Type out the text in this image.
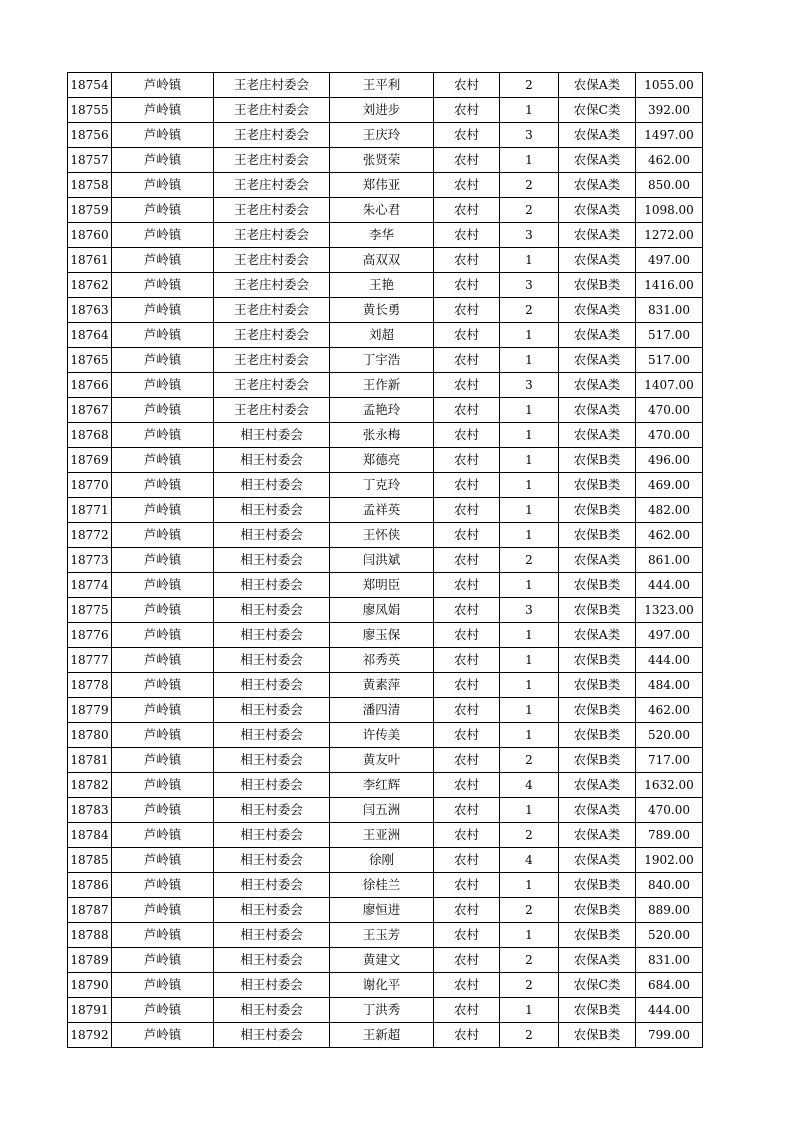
18754	芦岭镇	王老庄村委会	王平利	农村	2	农保A类	1055.00
18755	芦岭镇	王老庄村委会	刘进步	农村	1	农保C类	392.00
18756	芦岭镇	王老庄村委会	王庆玲	农村	3	农保A类	1497.00
18757	芦岭镇	王老庄村委会	张贤荣	农村	1	农保A类	462.00
18758	芦岭镇	王老庄村委会	郑伟亚	农村	2	农保A类	850.00
18759	芦岭镇	王老庄村委会	朱心君	农村	2	农保A类	1098.00
18760	芦岭镇	王老庄村委会	李华	农村	3	农保A类	1272.00
18761	芦岭镇	王老庄村委会	高双双	农村	1	农保A类	497.00
18762	芦岭镇	王老庄村委会	王艳	农村	3	农保B类	1416.00
18763	芦岭镇	王老庄村委会	黄长勇	农村	2	农保A类	831.00
18764	芦岭镇	王老庄村委会	刘超	农村	1	农保A类	517.00
18765	芦岭镇	王老庄村委会	丁宇浩	农村	1	农保A类	517.00
18766	芦岭镇	王老庄村委会	王作新	农村	3	农保A类	1407.00
18767	芦岭镇	王老庄村委会	孟艳玲	农村	1	农保A类	470.00
18768	芦岭镇	相王村委会	张永梅	农村	1	农保A类	470.00
18769	芦岭镇	相王村委会	郑德亮	农村	1	农保B类	496.00
18770	芦岭镇	相王村委会	丁克玲	农村	1	农保B类	469.00
18771	芦岭镇	相王村委会	孟祥英	农村	1	农保B类	482.00
18772	芦岭镇	相王村委会	王怀侠	农村	1	农保B类	462.00
18773	芦岭镇	相王村委会	闫洪斌	农村	2	农保A类	861.00
18774	芦岭镇	相王村委会	郑明臣	农村	1	农保B类	444.00
18775	芦岭镇	相王村委会	廖凤娟	农村	3	农保B类	1323.00
18776	芦岭镇	相王村委会	廖玉保	农村	1	农保A类	497.00
18777	芦岭镇	相王村委会	祁秀英	农村	1	农保B类	444.00
18778	芦岭镇	相王村委会	黄素萍	农村	1	农保B类	484.00
18779	芦岭镇	相王村委会	潘四清	农村	1	农保B类	462.00
18780	芦岭镇	相王村委会	许传美	农村	1	农保B类	520.00
18781	芦岭镇	相王村委会	黄友叶	农村	2	农保B类	717.00
18782	芦岭镇	相王村委会	李红辉	农村	4	农保A类	1632.00
18783	芦岭镇	相王村委会	闫五洲	农村	1	农保A类	470.00
18784	芦岭镇	相王村委会	王亚洲	农村	2	农保A类	789.00
18785	芦岭镇	相王村委会	徐刚	农村	4	农保A类	1902.00
18786	芦岭镇	相王村委会	徐桂兰	农村	1	农保B类	840.00
18787	芦岭镇	相王村委会	廖恒进	农村	2	农保B类	889.00
18788	芦岭镇	相王村委会	王玉芳	农村	1	农保B类	520.00
18789	芦岭镇	相王村委会	黄建文	农村	2	农保A类	831.00
18790	芦岭镇	相王村委会	谢化平	农村	2	农保C类	684.00
18791	芦岭镇	相王村委会	丁洪秀	农村	1	农保B类	444.00
18792	芦岭镇	相王村委会	王新超	农村	2	农保B类	799.00
